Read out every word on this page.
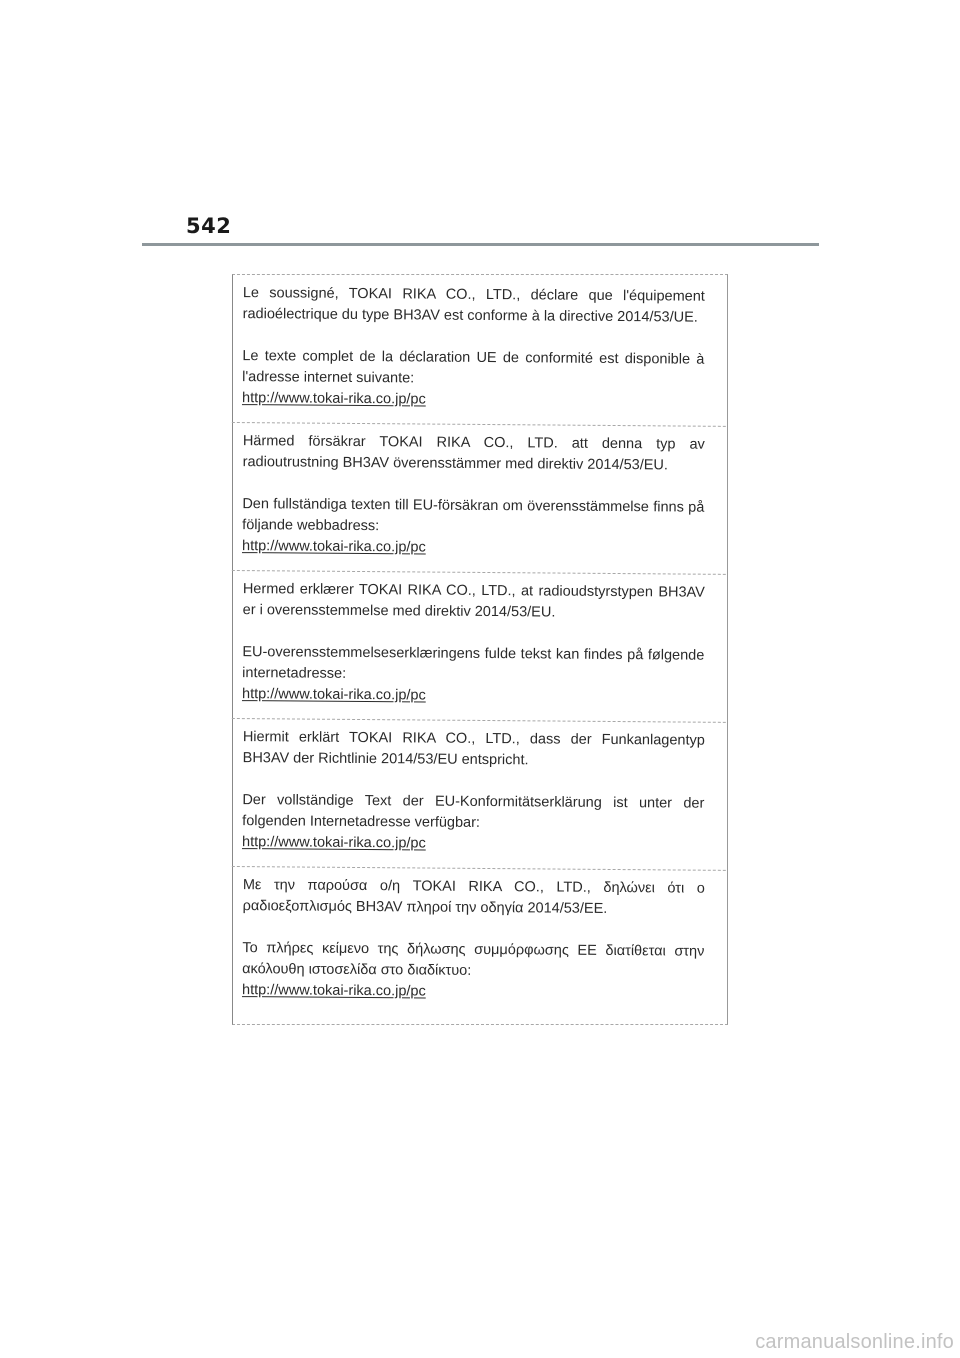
542

Le soussigné, TOKAI RIKA CO., LTD., déclare que l'équipement radioélectrique du type BH3AV est conforme à la directive 2014/53/UE.

Le texte complet de la déclaration UE de conformité est disponible à l'adresse internet suivante:

http://www.tokai-rika.co.jp/pc

Härmed försäkrar TOKAI RIKA CO., LTD. att denna typ av radioutrustning BH3AV överensstämmer med direktiv 2014/53/EU.

Den fullständiga texten till EU-försäkran om överensstämmelse finns på följande webbadress:

http://www.tokai-rika.co.jp/pc

Hermed erklærer TOKAI RIKA CO., LTD., at radioudstyrstypen BH3AV er i overensstemmelse med direktiv 2014/53/EU.

EU-overensstemmelseserklæringens fulde tekst kan findes på følgende internetadresse:

http://www.tokai-rika.co.jp/pc

Hiermit erklärt TOKAI RIKA CO., LTD., dass der Funkanlagentyp BH3AV der Richtlinie 2014/53/EU entspricht.

Der vollständige Text der EU-Konformitätserklärung ist unter der folgenden Internetadresse verfügbar:

http://www.tokai-rika.co.jp/pc

Με την παρούσα ο/η TOKAI RIKA CO., LTD., δηλώνει ότι ο ραδιοεξοπλισμός BH3AV πληροί την οδηγία 2014/53/ΕΕ.

Το πλήρες κείμενο της δήλωσης συμμόρφωσης ΕΕ διατίθεται στην ακόλουθη ιστοσελίδα στο διαδίκτυο:

http://www.tokai-rika.co.jp/pc
carmanualsonline.info
